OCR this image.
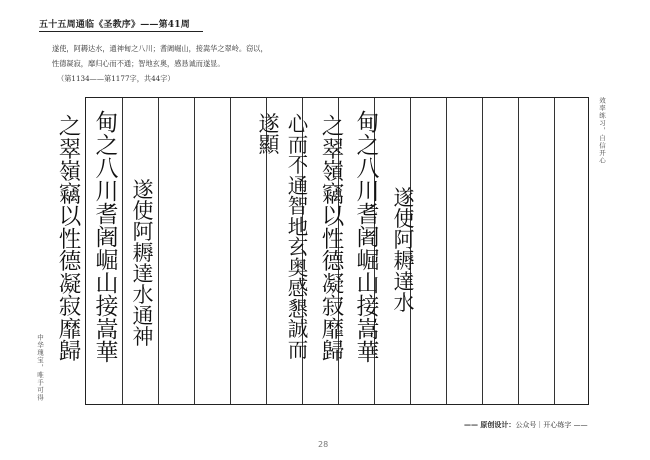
五十五周通临《圣教序》——第41周
遂使，阿耨达水，通神甸之八川；耆阇崛山，接嵩华之翠岭。窃以，
性德凝寂，靡归心而不通；智地玄奥，感恳诚而遂显。
（第1134——第1177字，共44字）
遂
使
阿
耨
達
水
甸
之
八
川
耆
阇
崛
山
接
嵩
華
之
翠
嶺
竊
以
性
德
凝
寂
靡
歸
心
而
不
通
智
地
玄
奥
感
懇
誠
而
遂
顯
遂
使
阿
耨
達
水
通
神
甸
之
八
川
耆
阇
崛
山
接
嵩
華
之
翠
嶺
竊
以
性
德
凝
寂
靡
歸
效率练习，自信开心
中华瑰宝，唯手可得
—— 原创设计：公众号｜开心练字 ——
28
